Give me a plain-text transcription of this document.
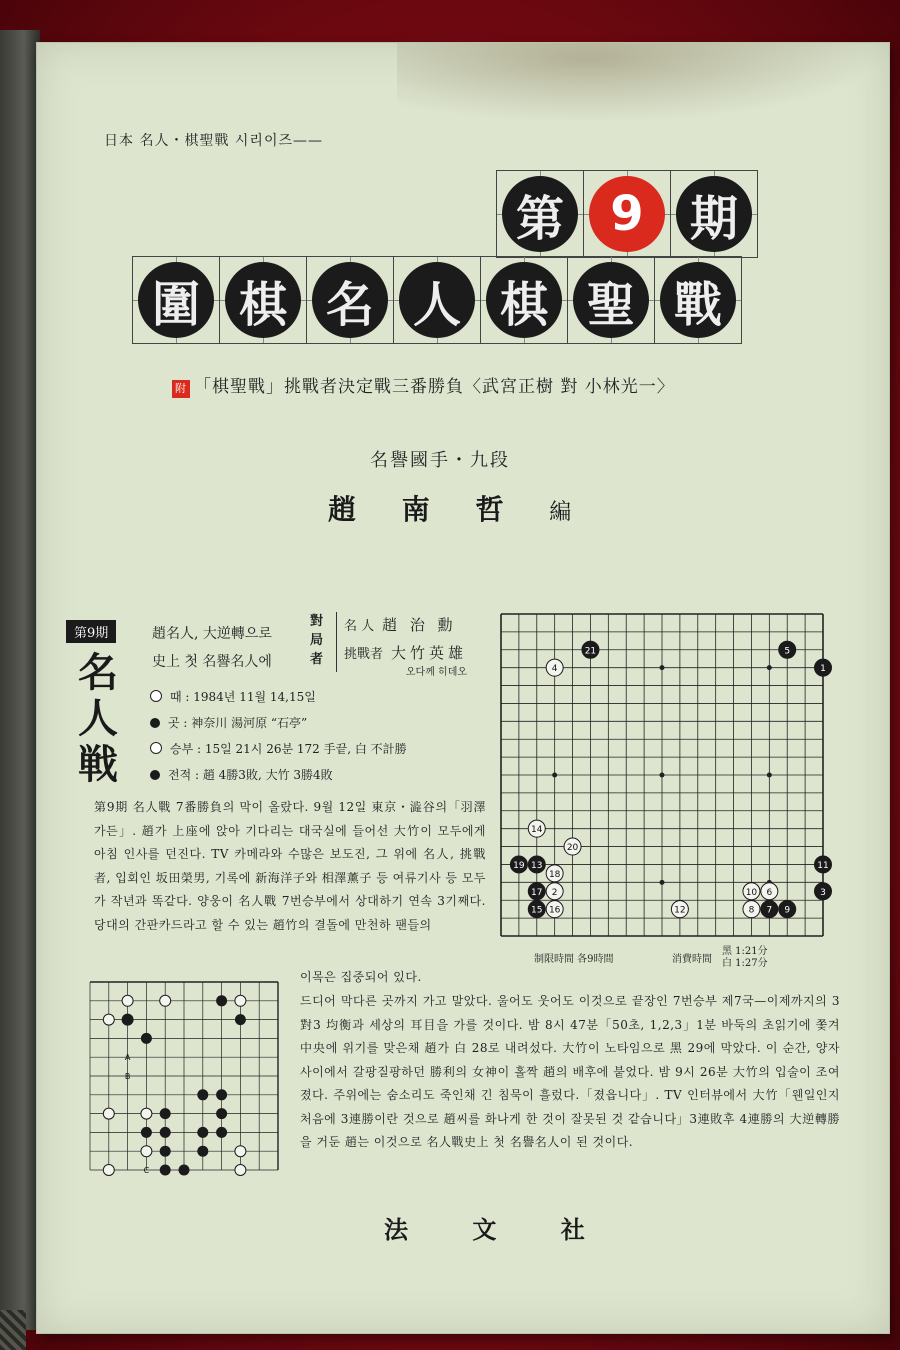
日本 名人・棋聖戰 시리이즈——
第 9 期
圍 棋 名 人 棋 聖 戰
附 「棋聖戰」挑戰者決定戰三番勝負〈武宮正樹 對 小林光一〉
名譽國手・九段
趙 南 哲 編
第9期
名人戦
趙名人, 大逆轉으로
史上 첫 名譽名人에
對局者
名 人 趙 治 勳
挑戰者 大竹英雄
오다께 히데오
때 : 1984년 11월 14,15일
곳 : 神奈川 湯河原 “石亭”
승부 : 15일 21시 26분 172 手끝, 白 不計勝
전적 : 趙 4勝3敗, 大竹 3勝4敗
第9期 名人戰 7番勝負의 막이 올랐다. 9월 12일 東京・澁谷의「羽澤가든」. 趙가 上座에 앉아 기다리는 대국실에 들어선 大竹이 모두에게 아침 인사를 던진다. TV 카메라와 수많은 보도진, 그 위에 名人, 挑戰者, 입회인 坂田榮男, 기록에 新海洋子와 相澤薰子 등 여류기사 등 모두가 작년과 똑같다. 양웅이 名人戰 7번승부에서 상대하기 연속 3기째다. 당대의 간판카드라고 할 수 있는 趙竹의 결돌에 만천하 팬들의
이목은 집중되어 있다.
드디어 막다른 곳까지 가고 말았다. 울어도 웃어도 이것으로 끝장인 7번승부 제7국—이제까지의 3對3 均衡과 세상의 耳目을 가를 것이다. 밤 8시 47분「50초, 1,2,3」1분 바둑의 초읽기에 쫓겨 中央에 위기를 맞은채 趙가 白 28로 내려섰다. 大竹이 노타임으로 黑 29에 막았다. 이 순간, 양자 사이에서 갈팡질팡하던 勝利의 女神이 홀짝 趙의 배후에 붙었다. 밤 9시 26분 大竹의 입술이 조여졌다. 주위에는 숨소리도 죽인채 긴 침묵이 흘렀다.「졌읍니다」. TV 인터뷰에서 大竹「웬일인지 처음에 3連勝이란 것으로 趙씨를 화나게 한 것이 잘못된 것 같습니다」3連敗후 4連勝의 大逆轉勝을 거둔 趙는 이것으로 名人戰史上 첫 名譽名人이 된 것이다.
4
14
20
18
2
16	12
10 6
8
21	5
1
19 13
17
15
11
3
7 9
制限時間 各9時間	消費時間
黑 1:21分
白 1:27分
A
B
C
法 文 社
